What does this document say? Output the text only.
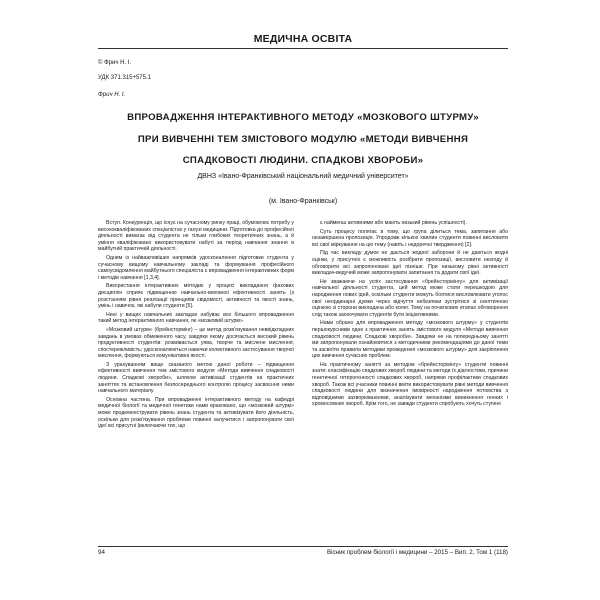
МЕДИЧНА ОСВІТА
© Фрич Н. І.
УДК 371.315+575.1
Фрич Н. І.
ВПРОВАДЖЕННЯ ІНТЕРАКТИВНОГО МЕТОДУ «МОЗКОВОГО ШТУРМУ»
ПРИ ВИВЧЕННІ ТЕМ ЗМІСТОВОГО МОДУЛЮ «МЕТОДИ ВИВЧЕННЯ
СПАДКОВОСТІ ЛЮДИНИ. СПАДКОВІ ХВОРОБИ»
ДВНЗ «Івано-Франківський національний медичний університет»
(м. Івано-Франківськ)

Вступ. Конкуренція, що існує на сучасному ринку праці, обумовлює потребу у висококваліфікованих спеціалістах у галузі медицини. Підготовка до професійної діяльності вимагає від студента не тільки глибоких теоретичних знань, а й уміння кваліфіковано використовувати набуті за період навчання знання в майбутній практичній діяльності.

Одним із найважливіших напрямків удосконалення підготовки студента у сучасному вищому навчальному закладі та формування професійного самоусвідомлення майбутнього спеціаліста є впровадження інтерактивних форм і методів навчання [1,3,4].

Використання інтерактивних методик у процесі викладання фахових дисциплін сприяє підвищенню навчально-виховної ефективності занять (з розстанням рівня реалізації принципів свідомості, активності та якості знань, умінь і навичок, які набули студенти [5].

Нині у вищих навчальних закладах набуває все більшого впровадження такий метод інтерактивного навчання, як «мозковий штурм».

«Мозковий штурм» (брейнстормінг) – це метод розв'язування неввідкладних завдань в умовах обмеженого часу, завдяки якому досягається високий рівень продуктивності студентів: розвивається уява, творче та мислене мислення, спостережливість; удосконалюються навички колективного застосування творчої мислення, формуються комунікативні якості.

З урахуванням вище сказаного метою даної роботи – підвищення ефективності вивчення тем змістового модуля «Методи вивчення спадковості людини. Спадкові хвороби», шляхом активізації студентів на практичних заняттях та встановлення безпосереднього контролю процесу засвоєння ними навчального матеріалу.

Основна частина. При впровадженні інтерактивного методу на кафедрі медичної біології та медичної генетики нами враховано, що «мозковий штурм» може продемонструвати рівень знань студента та активізувати його діяльність, оскільки для розв'язування проблеми повинні залучитися і запропонувати свої ідеї всі присутні (включаючи тих, що

є найменш активними або мають низький рівень успішності).

Суть процесу полягає в тому, що група ділиться тема, запитання або незавершена пропозиція. Упродовж кількох хвилин студенти повинні висловити всі свої міркування на цю тему (навіть і недоречні твердження) [2].

Під час викладу думок не дається жодної заборони й не даються жодні оцінки, у присутніх є можливість розібрати пропозиції, висловити незгоду й обговорити всі запропоновані ідеї пізніше. При низькому рівні активності викладач-ведучий може запропонувати запитання та додати свої ідеї.

Не зважаючи на успіх застосування «брейнстормінгу» для активізації навчальної діяльності студента, цей метод може стати перешкодою для народження нових ідей, оскільки студенти можуть боятися висловлювати уголос свої неординарні думки через відчуття небезпеки зустрітися зі скептичною оцінкою зі сторони викладача або колег. Тому на початкових етапах обговорення слід також заохочувати студентів бути ініціативними.

Нами обрано для впровадження методу «мозкового штурму» у студентів першокурсників одне з практичних занять змістового модуля «Методи вивчення спадковості людини. Спадкові хвороби». Завдяки не на попередньому занятті ми запропонували ознайомитися з методичними рекомендаціями до даної теми та засвоїти правила методики проведення «мозкового штурму» для закріплення цих вивчення сучасних проблем.

На практичному занятті за методом «брейнстормінгу» студенти повинні знати: класифікацію спадкових хвороб людини та методи їх діагностики, причини генетичної гетерогенності спадкових хвороб, напрями профілактики спадкових хвороб. Також всі учасники повинні вміти використовувати рівні методи вивчення спадковості людини для визначення імовірності народження потомства з відповідними захворюваннями, аналізувати механізми виникнення генних і хромосомних хвороб. Крім того, не завжди студенти спробують хочуть ступені

94	Вісник проблем біології і медицини – 2015 – Вип. 2, Том 1 (118)
